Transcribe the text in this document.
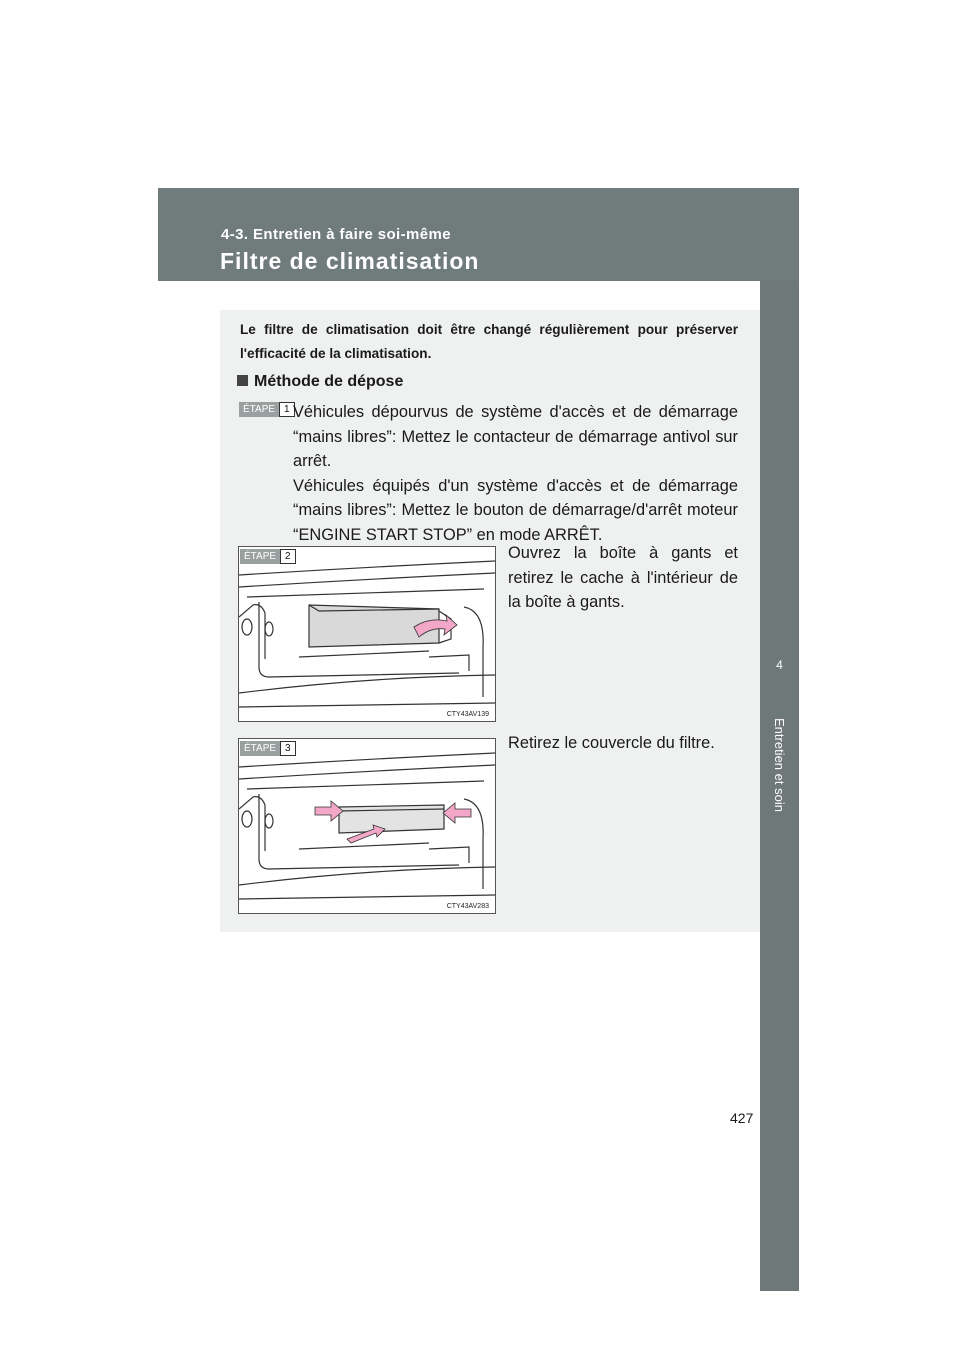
4-3. Entretien à faire soi-même
Filtre de climatisation
4
Entretien et soin
Le filtre de climatisation doit être changé régulièrement pour préserver l'efficacité de la climatisation.
Méthode de dépose
ÉTAPE 1 Véhicules dépourvus de système d'accès et de démarrage “mains libres”: Mettez le contacteur de démarrage antivol sur arrêt.

Véhicules équipés d'un système d'accès et de démarrage “mains libres”: Mettez le bouton de démarrage/d'arrêt moteur “ENGINE START STOP” en mode ARRÊT.

ÉTAPE 2
CTY43AV139
Ouvrez la boîte à gants et retirez le cache à l'intérieur de la boîte à gants.
ÉTAPE 3
CTY43AV283
Retirez le couvercle du filtre.
427
